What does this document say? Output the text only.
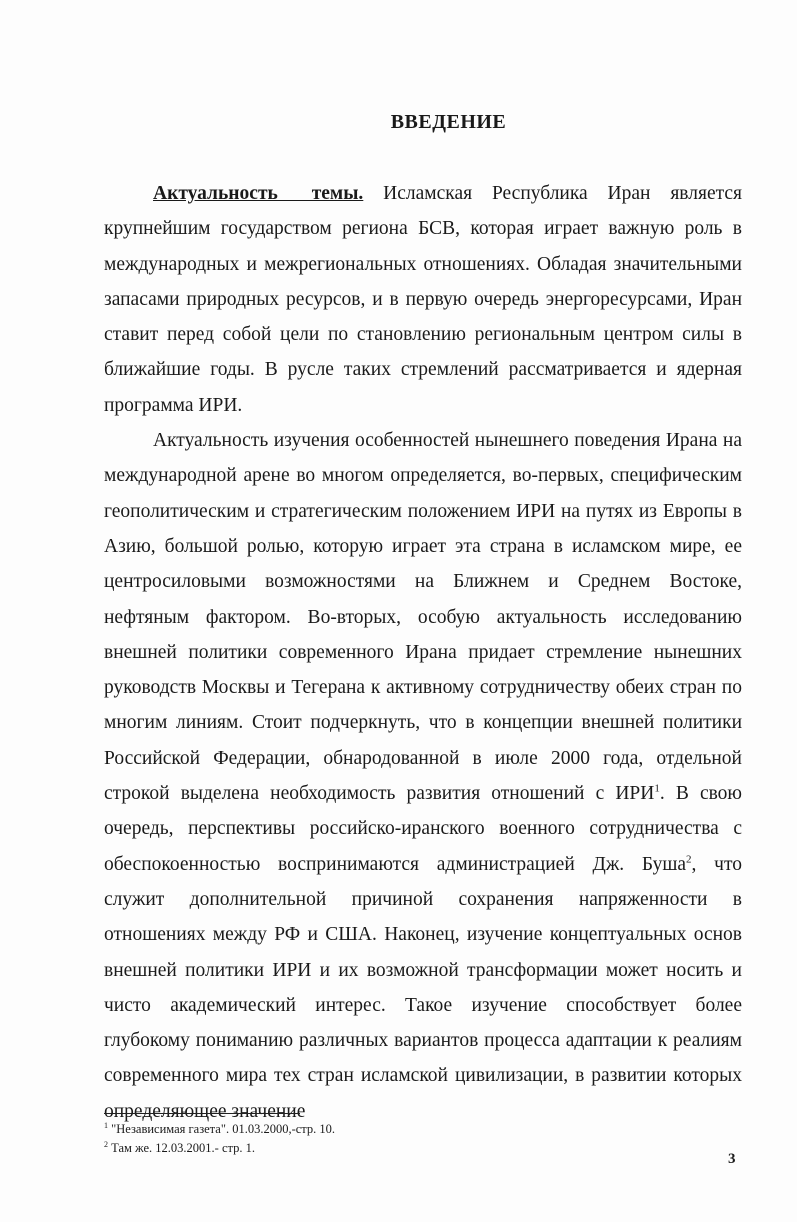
ВВЕДЕНИЕ

Актуальность темы. Исламская Республика Иран является крупнейшим государством региона БСВ, которая играет важную роль в международных и межрегиональных отношениях. Обладая значительными запасами природных ресурсов, и в первую очередь энергоресурсами, Иран ставит перед собой цели по становлению региональным центром силы в ближайшие годы. В русле таких стремлений рассматривается и ядерная программа ИРИ.

Актуальность изучения особенностей нынешнего поведения Ирана на международной арене во многом определяется, во-первых, специфическим геополитическим и стратегическим положением ИРИ на путях из Европы в Азию, большой ролью, которую играет эта страна в исламском мире, ее центросиловыми возможностями на Ближнем и Среднем Востоке, нефтяным фактором. Во-вторых, особую актуальность исследованию внешней политики современного Ирана придает стремление нынешних руководств Москвы и Тегерана к активному сотрудничеству обеих стран по многим линиям. Стоит подчеркнуть, что в концепции внешней политики Российской Федерации, обнародованной в июле 2000 года, отдельной строкой выделена необходимость развития отношений с ИРИ$^1$. В свою очередь, перспективы российско-иранского военного сотрудничества с обеспокоенностью воспринимаются администрацией Дж. Буша$^2$, что служит дополнительной причиной сохранения напряженности в отношениях между РФ и США. Наконец, изучение концептуальных основ внешней политики ИРИ и их возможной трансформации может носить и чисто академический интерес. Такое изучение способствует более глубокому пониманию различных вариантов процесса адаптации к реалиям современного мира тех стран исламской цивилизации, в развитии которых определяющее значение

$^1$ "Независимая газета". 01.03.2000,-стр. 10.
$^2$ Там же. 12.03.2001.- стр. 1.
3
